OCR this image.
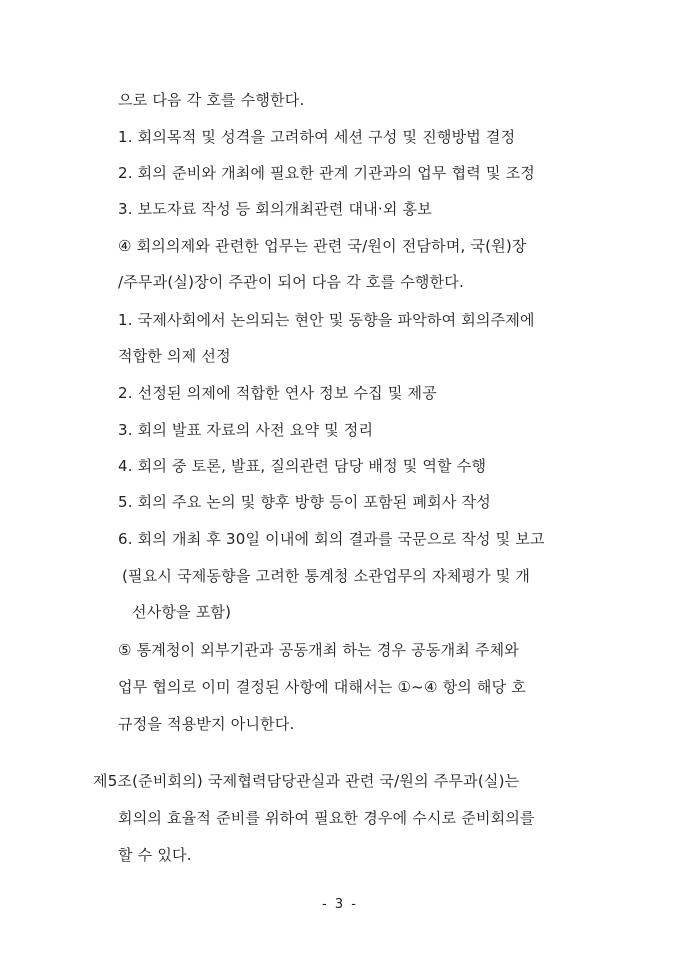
으로 다음 각 호를 수행한다.
1. 회의목적 및 성격을 고려하여 세션 구성 및 진행방법 결정
2. 회의 준비와 개최에 필요한 관계 기관과의 업무 협력 및 조정
3. 보도자료 작성 등 회의개최관련 대내·외 홍보
④ 회의의제와 관련한 업무는 관련 국/원이 전담하며, 국(원)장
/주무과(실)장이 주관이 되어 다음 각 호를 수행한다.
1. 국제사회에서 논의되는 현안 및 동향을 파악하여 회의주제에
적합한 의제 선정
2. 선정된 의제에 적합한 연사 정보 수집 및 제공
3. 회의 발표 자료의 사전 요약 및 정리
4. 회의 중 토론, 발표, 질의관련 담당 배정 및 역할 수행
5. 회의 주요 논의 및 향후 방향 등이 포함된 폐회사 작성
6. 회의 개최 후 30일 이내에 회의 결과를 국문으로 작성 및 보고
(필요시 국제동향을 고려한 통계청 소관업무의 자체평가 및 개
선사항을 포함)
⑤ 통계청이 외부기관과 공동개최 하는 경우 공동개최 주체와
업무 협의로 이미 결정된 사항에 대해서는 ①~④ 항의 해당 호
규정을 적용받지 아니한다.
제5조(준비회의) 국제협력담당관실과 관련 국/원의 주무과(실)는
회의의 효율적 준비를 위하여 필요한 경우에 수시로 준비회의를
할 수 있다.
- 3 -
